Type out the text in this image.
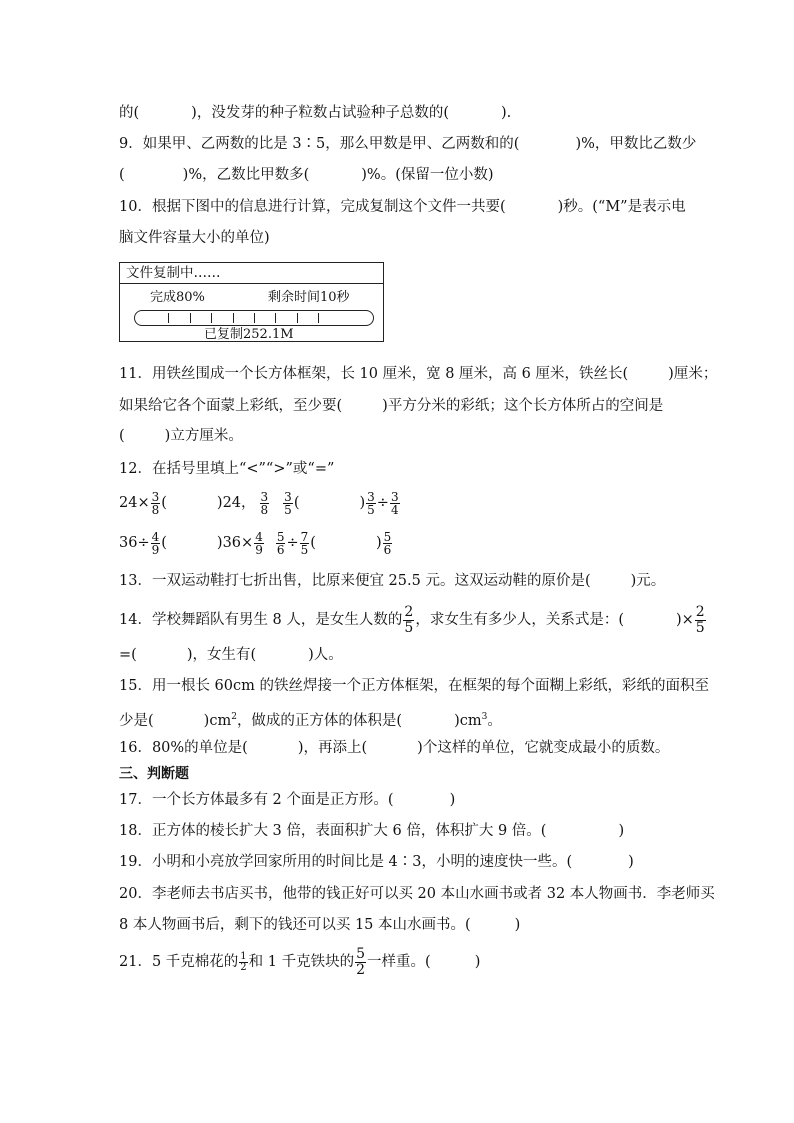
的(	)，没发芽的种子粒数占试验种子总数的(	).
9．如果甲、乙两数的比是 3∶5，那么甲数是甲、乙两数和的(	)%，甲数比乙数少
(	)%，乙数比甲数多(	)%。(保留一位小数)
10．根据下图中的信息进行计算，完成复制这个文件一共要(	)秒。(“M”是表示电
脑文件容量大小的单位)
文件复制中……
完成80%	剩余时间10秒
已复制252.1M
11．用铁丝围成一个长方体框架，长 10 厘米，宽 8 厘米，高 6 厘米，铁丝长(	)厘米；
如果给它各个面蒙上彩纸，至少要(	)平方分米的彩纸；这个长方体所占的空间是
(	)立方厘米。
12．在括号里填上“<”“>”或“=”
$24\times \frac{3}{8}$ (	)24， $\frac{3}{8} \frac{3}{5}$ (	) $\frac{3}{5} \div \frac{3}{4}$
$36\div \frac{4}{9}$ (	)$36\times \frac{4}{9} \frac{5}{6} \div \frac{7}{5}$ (	) $\frac{5}{6}$
13．一双运动鞋打七折出售，比原来便宜 25.5 元。这双运动鞋的原价是(	)元。
14．学校舞蹈队有男生 8 人，是女生人数的 $\frac{2}{5}$ ，求女生有多少人，关系式是：(	)× $\frac{2}{5}$
=(	)，女生有(	)人。
15．用一根长 60cm 的铁丝焊接一个正方体框架，在框架的每个面糊上彩纸，彩纸的面积至
少是(	)$cm^2$，做成的正方体的体积是(	)$cm^3$。
16．80%的单位是(	)，再添上(	)个这样的单位，它就变成最小的质数。
三、判断题
17．一个长方体最多有 2 个面是正方形。(	)
18．正方体的棱长扩大 3 倍，表面积扩大 6 倍，体积扩大 9 倍。(	)
19．小明和小亮放学回家所用的时间比是 4∶3，小明的速度快一些。(	)
20．李老师去书店买书，他带的钱正好可以买 20 本山水画书或者 32 本人物画书．李老师买
8 本人物画书后，剩下的钱还可以买 15 本山水画书。(	)
21．5 千克棉花的 $\frac{1}{2}$ 和 1 千克铁块的 $\frac{5}{2}$ 一样重。(	)
